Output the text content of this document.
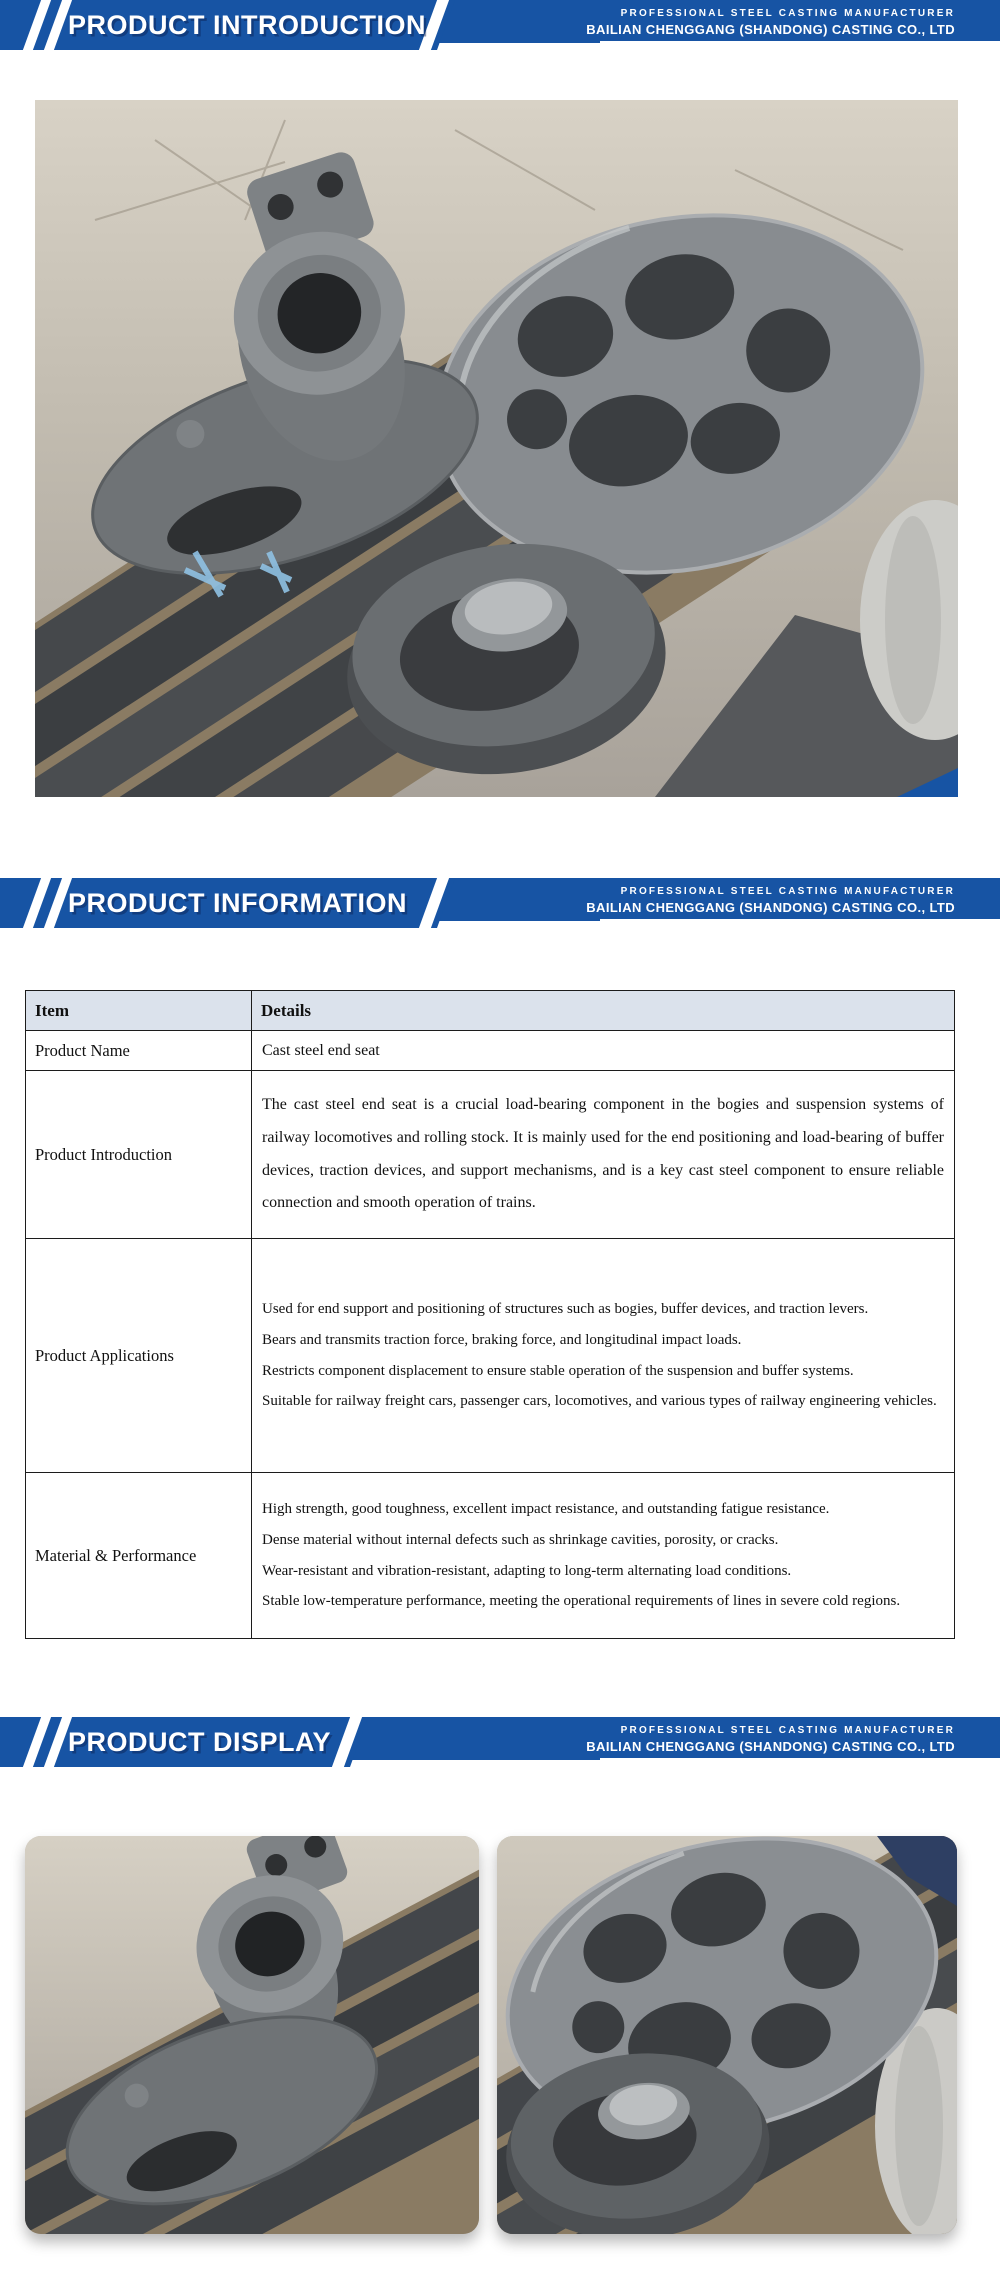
PRODUCT INTRODUCTION	PROFESSIONAL STEEL CASTING MANUFACTURER
BAILIAN CHENGGANG (SHANDONG) CASTING CO., LTD
PRODUCT INFORMATION	PROFESSIONAL STEEL CASTING MANUFACTURER
BAILIAN CHENGGANG (SHANDONG) CASTING CO., LTD
Item	Details
Product Name	Cast steel end seat
Product Introduction	The cast steel end seat is a crucial load-bearing component in the bogies and suspension systems of railway locomotives and rolling stock. It is mainly used for the end positioning and load-bearing of buffer devices, traction devices, and support mechanisms, and is a key cast steel component to ensure reliable connection and smooth operation of trains.

Product Applications	Used for end support and positioning of structures such as bogies, buffer devices, and traction levers.
Bears and transmits traction force, braking force, and longitudinal impact loads.
Restricts component displacement to ensure stable operation of the suspension and buffer systems.
Suitable for railway freight cars, passenger cars, locomotives, and various types of railway engineering vehicles.

Material & Performance	High strength, good toughness, excellent impact resistance, and outstanding fatigue resistance.
Dense material without internal defects such as shrinkage cavities, porosity, or cracks.
Wear-resistant and vibration-resistant, adapting to long-term alternating load conditions.
Stable low-temperature performance, meeting the operational requirements of lines in severe cold regions.
PRODUCT DISPLAY	PROFESSIONAL STEEL CASTING MANUFACTURER
BAILIAN CHENGGANG (SHANDONG) CASTING CO., LTD
